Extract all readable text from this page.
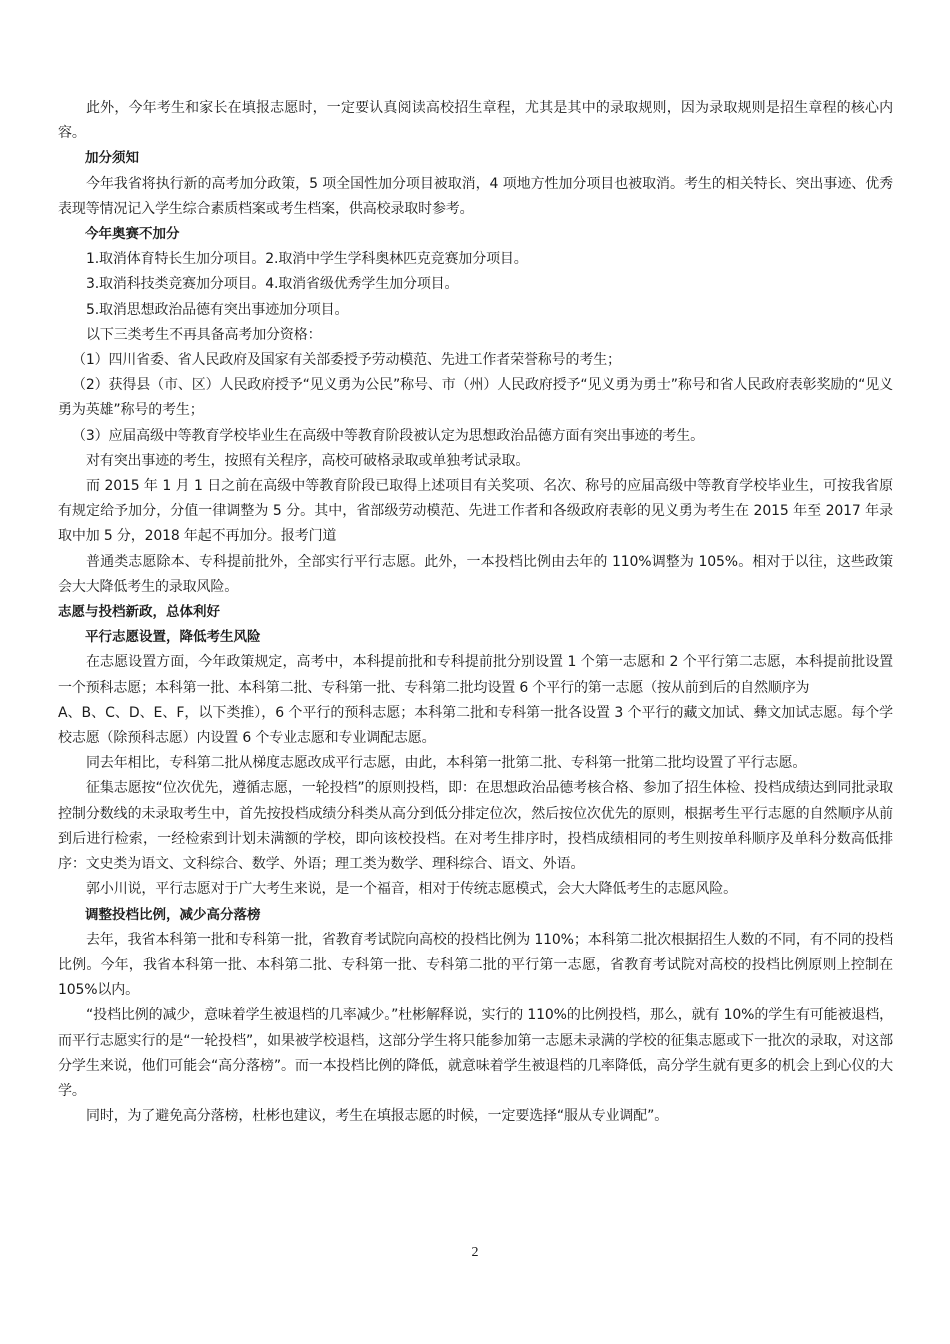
此外，今年考生和家长在填报志愿时，一定要认真阅读高校招生章程，尤其是其中的录取规则，因为录取规则是招生章程的核心内容。

加分须知

今年我省将执行新的高考加分政策，5 项全国性加分项目被取消，4 项地方性加分项目也被取消。考生的相关特长、突出事迹、优秀表现等情况记入学生综合素质档案或考生档案，供高校录取时参考。

今年奥赛不加分

1.取消体育特长生加分项目。2.取消中学生学科奥林匹克竞赛加分项目。

3.取消科技类竞赛加分项目。4.取消省级优秀学生加分项目。

5.取消思想政治品德有突出事迹加分项目。

以下三类考生不再具备高考加分资格：

（1）四川省委、省人民政府及国家有关部委授予劳动模范、先进工作者荣誉称号的考生；

（2）获得县（市、区）人民政府授予“见义勇为公民”称号、市（州）人民政府授予“见义勇为勇士”称号和省人民政府表彰奖励的“见义勇为英雄”称号的考生；

（3）应届高级中等教育学校毕业生在高级中等教育阶段被认定为思想政治品德方面有突出事迹的考生。

对有突出事迹的考生，按照有关程序，高校可破格录取或单独考试录取。

而 2015 年 1 月 1 日之前在高级中等教育阶段已取得上述项目有关奖项、名次、称号的应届高级中等教育学校毕业生，可按我省原有规定给予加分，分值一律调整为 5 分。其中，省部级劳动模范、先进工作者和各级政府表彰的见义勇为考生在 2015 年至 2017 年录取中加 5 分，2018 年起不再加分。报考门道

普通类志愿除本、专科提前批外，全部实行平行志愿。此外，一本投档比例由去年的 110%调整为 105%。相对于以往，这些政策会大大降低考生的录取风险。

志愿与投档新政，总体利好

平行志愿设置，降低考生风险

在志愿设置方面，今年政策规定，高考中，本科提前批和专科提前批分别设置 1 个第一志愿和 2 个平行第二志愿，本科提前批设置一个预科志愿；本科第一批、本科第二批、专科第一批、专科第二批均设置 6 个平行的第一志愿（按从前到后的自然顺序为

A、B、C、D、E、F，以下类推），6 个平行的预科志愿；本科第二批和专科第一批各设置 3 个平行的藏文加试、彝文加试志愿。每个学校志愿（除预科志愿）内设置 6 个专业志愿和专业调配志愿。

同去年相比，专科第二批从梯度志愿改成平行志愿，由此，本科第一批第二批、专科第一批第二批均设置了平行志愿。

征集志愿按“位次优先，遵循志愿，一轮投档”的原则投档，即：在思想政治品德考核合格、参加了招生体检、投档成绩达到同批录取控制分数线的未录取考生中，首先按投档成绩分科类从高分到低分排定位次，然后按位次优先的原则，根据考生平行志愿的自然顺序从前到后进行检索，一经检索到计划未满额的学校，即向该校投档。在对考生排序时，投档成绩相同的考生则按单科顺序及单科分数高低排序：文史类为语文、文科综合、数学、外语；理工类为数学、理科综合、语文、外语。

郭小川说，平行志愿对于广大考生来说，是一个福音，相对于传统志愿模式，会大大降低考生的志愿风险。

调整投档比例，减少高分落榜

去年，我省本科第一批和专科第一批，省教育考试院向高校的投档比例为 110%；本科第二批次根据招生人数的不同，有不同的投档比例。今年，我省本科第一批、本科第二批、专科第一批、专科第二批的平行第一志愿，省教育考试院对高校的投档比例原则上控制在105%以内。

“投档比例的减少，意味着学生被退档的几率减少。”杜彬解释说，实行的 110%的比例投档，那么，就有 10%的学生有可能被退档，而平行志愿实行的是“一轮投档”，如果被学校退档，这部分学生将只能参加第一志愿未录满的学校的征集志愿或下一批次的录取，对这部分学生来说，他们可能会“高分落榜”。而一本投档比例的降低，就意味着学生被退档的几率降低，高分学生就有更多的机会上到心仪的大学。

同时，为了避免高分落榜，杜彬也建议，考生在填报志愿的时候，一定要选择“服从专业调配”。

2
